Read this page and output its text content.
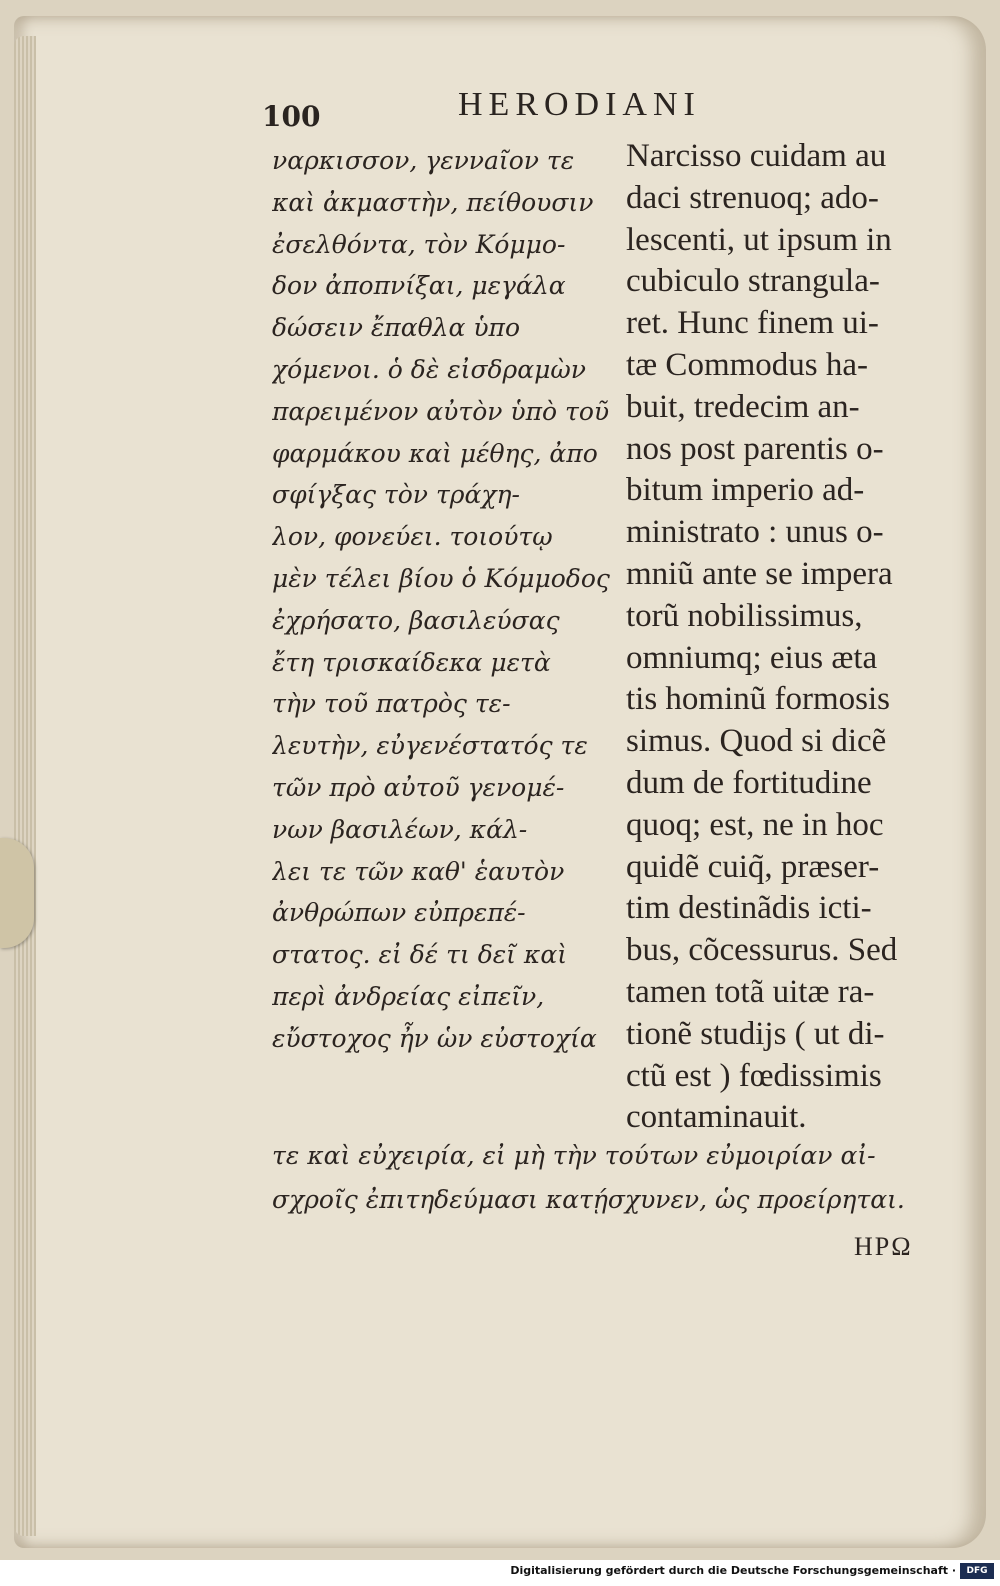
100	HERODIANI
ναρκισσον, γεννaῖον τε
καὶ ἀκμαστὴν, πείθουσιν
ἐσελθόντα, τὸν Κόμμο-
δον ἀποπνίξαι, μεγάλα
δώσειν ἔπαθλα ὑπο
χόμενοι. ὁ δὲ εἰσδραμὼν
παρειμένον αὐτὸν ὑπὸ τοῦ
φαρμάκου καὶ μέθης, ἀπο
σφίγξας τὸν τράχη-
λον, φονεύει. τοιούτῳ
μὲν τέλει βίου ὁ Κόμμοδος
ἐχρήσατο, βασιλεύσας
ἔτη τρισκαίδεκα μετὰ
τὴν τοῦ πατρὸς τε-
λευτὴν, εὐγενέστατός τε
τῶν πρὸ αὐτοῦ γενομέ-
νων βασιλέων, κάλ-
λει τε τῶν καθ' ἑαυτὸν
ἀνθρώπων εὐπρεπέ-
στατος. εἰ δέ τι δεῖ καὶ
περὶ ἀνδρείας εἰπεῖν,
εὔστοχος ἦν ὡν εὐστοχία
Narcisso cuidam au
daci strenuoq; ado-
lescenti, ut ipsum in
cubiculo strangula-
ret. Hunc finem ui-
tæ Commodus ha-
buit, tredecim an-
nos post parentis o-
bitum imperio ad-
ministrato : unus o-
mniũ ante se impera
torũ nobilissimus,
omniumq; eius æta
tis hominũ formosis
simus. Quod si dicẽ
dum de fortitudine
quoq; est, ne in hoc
quidẽ cuiq̃, præser-
tim destinãdis icti-
bus, cõcessurus. Sed
tamen totã uitæ ra-
tionẽ studijs ( ut di-
ctũ est ) fœdissimis
contaminauit.
τε καὶ εὐχειρία, εἰ μὴ τὴν τούτων εὐμοιρίαν αἰ-
σχροῖς ἐπιτηδεύμασι κατῄσχυνεν, ὡς προείρηται.
HPΩ
Digitalisierung gefördert durch die Deutsche Forschungsgemeinschaft ·	DFG
